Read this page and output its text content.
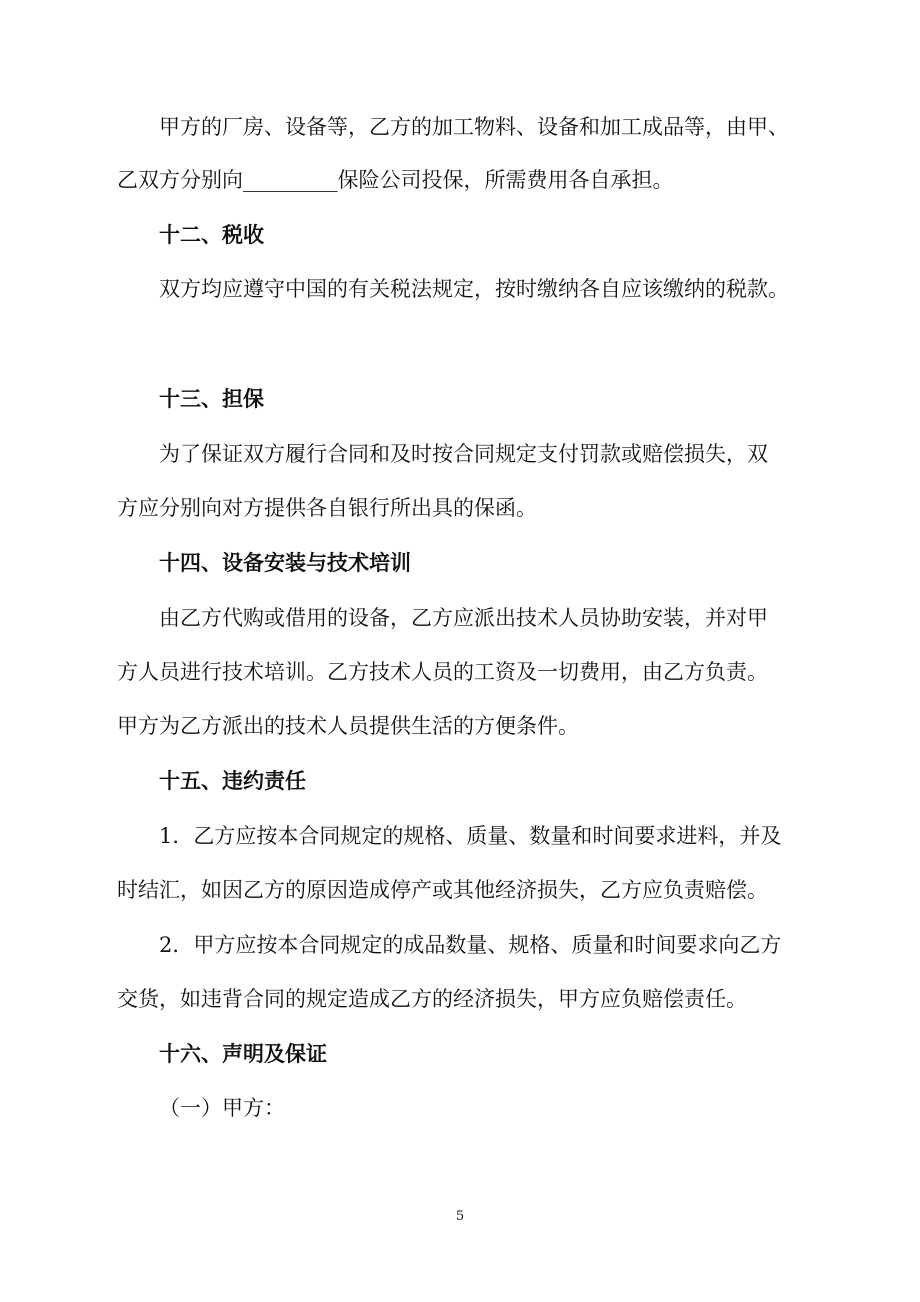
甲方的厂房、设备等，乙方的加工物料、设备和加工成品等，由甲、
乙双方分别向_________保险公司投保，所需费用各自承担。
十二、税收
双方均应遵守中国的有关税法规定，按时缴纳各自应该缴纳的税款。
十三、担保
为了保证双方履行合同和及时按合同规定支付罚款或赔偿损失，双
方应分别向对方提供各自银行所出具的保函。
十四、设备安装与技术培训
由乙方代购或借用的设备，乙方应派出技术人员协助安装，并对甲
方人员进行技术培训。乙方技术人员的工资及一切费用，由乙方负责。
甲方为乙方派出的技术人员提供生活的方便条件。
十五、违约责任
1．乙方应按本合同规定的规格、质量、数量和时间要求进料，并及
时结汇，如因乙方的原因造成停产或其他经济损失，乙方应负责赔偿。
2．甲方应按本合同规定的成品数量、规格、质量和时间要求向乙方
交货，如违背合同的规定造成乙方的经济损失，甲方应负赔偿责任。
十六、声明及保证
（一）甲方：
5
